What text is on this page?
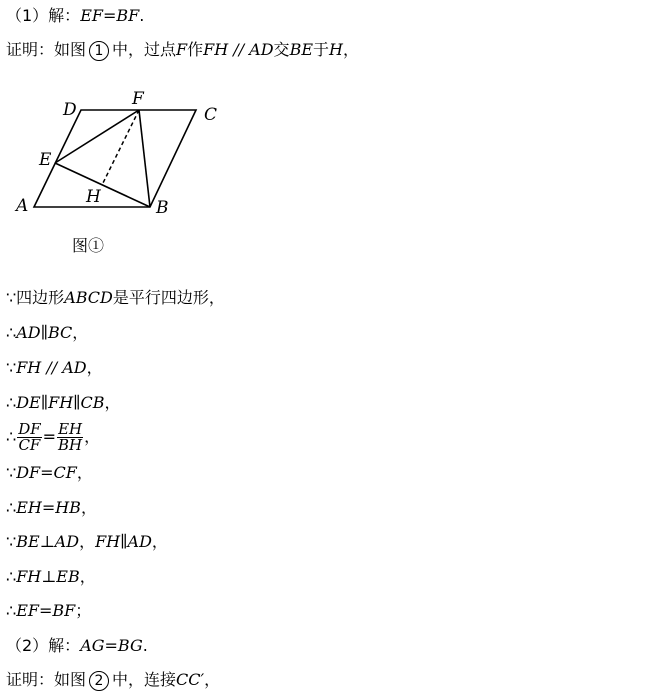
（1）解：EF=BF.
证明：如图 1 中，过点F作FH // AD交BE于H，
A	B
C
D
E
F
H
图①
∵四边形ABCD是平行四边形，
∴AD∥BC，
∵FH // AD，
∴DE∥FH∥CB，
∴ $\frac{DF}{CF} = \frac{EH}{BH}$ ，
∵DF=CF，
∴EH=HB，
∵BE⊥AD，FH∥AD，
∴FH⊥EB，
∴EF=BF；
（2）解：AG=BG.
证明：如图 2 中，连接CC′，
